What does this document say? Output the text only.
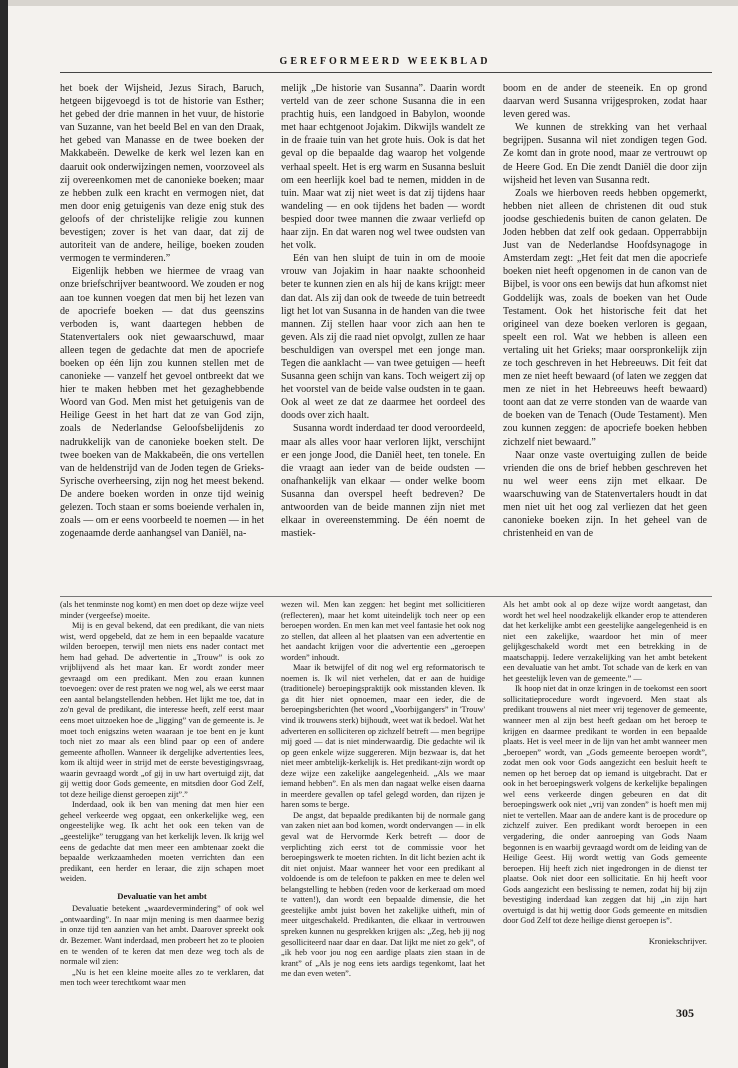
GEREFORMEERD WEEKBLAD

het boek der Wijsheid, Jezus Sirach, Baruch, hetgeen bijgevoegd is tot de historie van Esther; het gebed der drie mannen in het vuur, de historie van Suzanne, van het beeld Bel en van den Draak, het gebed van Manasse en de twee boeken der Makkabeën. Dewelke de kerk wel lezen kan en daaruit ook onderwijzingen nemen, voorzoveel als zij overeenkomen met de canonieke boeken; maar ze hebben zulk een kracht en vermogen niet, dat men door enig getuigenis van deze enig stuk des geloofs of der christelijke religie zou kunnen bevestigen; zover is het van daar, dat zij de autoriteit van de andere, heilige, boeken zouden vermogen te verminderen.”

Eigenlijk hebben we hiermee de vraag van onze briefschrijver beantwoord. We zouden er nog aan toe kunnen voegen dat men bij het lezen van de apocriefe boeken — dat dus geenszins verboden is, want daartegen hebben de Statenvertalers ook niet gewaarschuwd, maar alleen tegen de gedachte dat men de apocriefe boeken op één lijn zou kunnen stellen met de canonieke — vanzelf het gevoel ontbreekt dat we hier te maken hebben met het gezaghebbende Woord van God. Men mist het getuigenis van de Heilige Geest in het hart dat ze van God zijn, zoals de Nederlandse Geloofsbelijdenis zo nadrukkelijk van de canonieke boeken stelt. De twee boeken van de Makkabeën, die ons vertellen van de heldenstrijd van de Joden tegen de Grieks-Syrische overheersing, zijn nog het meest bekend. De andere boeken worden in onze tijd weinig gelezen. Toch staan er soms boeiende verhalen in, zoals — om er eens voorbeeld te noemen — in het zogenaamde derde aanhangsel van Daniël, na-

melijk „De historie van Susanna”. Daarin wordt verteld van de zeer schone Susanna die in een prachtig huis, een landgoed in Babylon, woonde met haar echtgenoot Jojakim. Dikwijls wandelt ze in de fraaie tuin van het grote huis. Ook is dat het geval op die bepaalde dag waarop het volgende verhaal speelt. Het is erg warm en Susanna besluit om een heerlijk koel bad te nemen, midden in de tuin. Maar wat zij niet weet is dat zij tijdens haar wandeling — en ook tijdens het baden — wordt bespied door twee mannen die zwaar verliefd op haar zijn. En dat waren nog wel twee oudsten van het volk.

Eén van hen sluipt de tuin in om de mooie vrouw van Jojakim in haar naakte schoonheid beter te kunnen zien en als hij de kans krijgt: meer dan dat. Als zij dan ook de tweede de tuin betreedt ligt het lot van Susanna in de handen van die twee mannen. Zij stellen haar voor zich aan hen te geven. Als zij die raad niet opvolgt, zullen ze haar beschuldigen van overspel met een jonge man. Tegen die aanklacht — van twee getuigen — heeft Susanna geen schijn van kans. Toch weigert zij op het voorstel van de beide valse oudsten in te gaan. Ook al weet ze dat ze daarmee het oordeel des doods over zich haalt.

Susanna wordt inderdaad ter dood veroordeeld, maar als alles voor haar verloren lijkt, verschijnt er een jonge Jood, die Daniël heet, ten tonele. En die vraagt aan ieder van de beide oudsten — onafhankelijk van elkaar — onder welke boom Susanna dan overspel heeft bedreven? De antwoorden van de beide mannen zijn niet met elkaar in overeenstemming. De één noemt de mastiek-

boom en de ander de steeneik. En op grond daarvan werd Susanna vrijgesproken, zodat haar leven gered was.

We kunnen de strekking van het verhaal begrijpen. Susanna wil niet zondigen tegen God. Ze komt dan in grote nood, maar ze vertrouwt op de Heere God. En Die zendt Daniël die door zijn wijsheid het leven van Susanna redt.

Zoals we hierboven reeds hebben opgemerkt, hebben niet alleen de christenen dit oud stuk joodse geschiedenis buiten de canon gelaten. De Joden hebben dat zelf ook gedaan. Opperrabbijn Just van de Nederlandse Hoofdsynagoge in Amsterdam zegt: „Het feit dat men die apocriefe boeken niet heeft opgenomen in de canon van de Bijbel, is voor ons een bewijs dat hun afkomst niet Goddelijk was, zoals de boeken van het Oude Testament. Ook het historische feit dat het origineel van deze boeken verloren is gegaan, speelt een rol. Wat we hebben is alleen een vertaling uit het Grieks; maar oorspronkelijk zijn ze toch geschreven in het Hebreeuws. Dit feit dat men ze niet heeft bewaard (of laten we zeggen dat men ze niet in het Hebreeuws heeft bewaard) toont aan dat ze verre stonden van de waarde van de boeken van de Tenach (Oude Testament). Men zou kunnen zeggen: de apocriefe boeken hebben zichzelf niet bewaard.”

Naar onze vaste overtuiging zullen de beide vrienden die ons de brief hebben geschreven het nu wel weer eens zijn met elkaar. De waarschuwing van de Statenvertalers houdt in dat men niet uit het oog zal verliezen dat het geen canonieke boeken zijn. In het geheel van de christenheid en van de

(als het tenminste nog komt) en men doet op deze wijze veel minder (vergeefse) moeite.

Mij is en geval bekend, dat een predikant, die van niets wist, werd opgebeld, dat ze hem in een bepaalde vacature wilden beroepen, terwijl men niets ens nader contact met hem had gehad. De advertentie in „Trouw” is ook zo vrijblijvend als het maar kan. Er wordt zonder meer gevraagd om een predikant. Men zou eraan kunnen toevoegen: over de rest praten we nog wel, als we eerst maar een aantal belangstellenden hebben. Het lijkt me toe, dat in zo'n geval de predikant, die interesse heeft, zelf eerst maar eens moet uitzoeken hoe de „ligging” van de gemeente is. Je moet toch enigszins weten waaraan je toe bent en je kunt toch niet zo maar als een blind paar op een of andere gemeente afhollen. Wanneer ik dergelijke advertenties lees, kom ik altijd weer in strijd met de eerste bevestigingsvraag, waarin gevraagd wordt „of gij in uw hart overtuigd zijt, dat gij wettig door Gods gemeente, en mitsdien door God Zelf, tot deze heilige dienst geroepen zijt”.”

Inderdaad, ook ik ben van mening dat men hier een geheel verkeerde weg opgaat, een onkerkelijke weg, een ongeestelijke weg. Ik acht het ook een teken van de „geestelijke” teruggang van het kerkelijk leven. Ik krijg wel eens de gedachte dat men meer een ambtenaar zoekt die bepaalde werkzaamheden moeten verrichten dan een predikant, een herder en leraar, die zijn schapen moet weiden.

Devaluatie van het ambt

Devaluatie betekent „waardevermindering” of ook wel „ontwaarding”. In naar mijn mening is men daarmee bezig in onze tijd ten aanzien van het ambt. Daarover spreekt ook dr. Bezemer. Want inderdaad, men probeert het zo te plooien en te wenden of te keren dat men deze weg toch als de normale wil zien:

„Nu is het een kleine moeite alles zo te verklaren, dat men toch weer terechtkomt waar men

wezen wil. Men kan zeggen: het begint met sollicitieren (reflecteren), maar het komt uiteindelijk toch neer op een beroepen worden. En men kan met veel fantasie het ook nog zo stellen, dat alleen al het plaatsen van een advertentie en het aandacht krijgen voor die advertentie een „geroepen worden” inhoudt.

Maar ik betwijfel of dit nog wel erg reformatorisch te noemen is. Ik wil niet verhelen, dat er aan de huidige (traditionele) beroepingspraktijk ook misstanden kleven. Ik ga dit hier niet opnoemen, maar een ieder, die de beroepingsberichten (het woord „Voorbijgangers” in 'Trouw' vind ik trouwens sterk) bijhoudt, weet wat ik bedoel. Wat het adverteren en solliciteren op zichzelf betreft — men begrijpe mij goed — dat is niet minderwaardig. Die gedachte wil ik op geen enkele wijze suggereren. Mijn bezwaar is, dat het niet meer ambtelijk-kerkelijk is. Het predikant-zijn wordt op deze wijze een zakelijke aangelegenheid. „Als we maar iemand hebben”. En als men dan nagaat welke eisen daarna in meerdere gevallen op tafel gelegd worden, dan rijzen je haren soms te berge.

De angst, dat bepaalde predikanten bij de normale gang van zaken niet aan bod komen, wordt ondervangen — in elk geval wat de Hervormde Kerk betreft — door de verplichting zich eerst tot de commissie voor het beroepingswerk te moeten richten. In dit licht bezien acht ik dit niet onjuist. Maar wanneer het voor een predikant al voldoende is om de telefoon te pakken en mee te delen wel belangstelling te hebben (reden voor de kerkeraad om moed te vatten!), dan wordt een bepaalde dimensie, die het geestelijke ambt juist boven het zakelijke uitheft, min of meer uitgeschakeld. Predikanten, die elkaar in vertrouwen spreken kunnen nu gesprekken krijgen als: „Zeg, heb jij nog gesolliciteerd naar daar en daar. Dat lijkt me niet zo gek”, of „ik heb voor jou nog een aardige plaats zien staan in de krant” of „Als je nog eens iets aardigs tegenkomt, laat het me dan even weten”.

Als het ambt ook al op deze wijze wordt aangetast, dan wordt het wel heel noodzakelijk elkander erop te attenderen dat het kerkelijke ambt een geestelijke aangelegenheid is en niet een zakelijke, waardoor het min of meer gelijkgeschakeld wordt met een betrekking in de maatschappij. Iedere verzakelijking van het ambt betekent een devaluatie van het ambt. Tot schade van de kerk en van het geestelijk leven van de gemeente.” —

Ik hoop niet dat in onze kringen in de toekomst een soort sollicitatieprocedure wordt ingevoerd. Men staat als predikant trouwens al niet meer vrij tegenover de gemeente, wanneer men al zijn best heeft gedaan om het beroep te krijgen en daarmee predikant te worden in een bepaalde plaats. Het is veel meer in de lijn van het ambt wanneer men „beroepen” wordt, van „Gods gemeente beroepen wordt”, zodat men ook voor Gods aangezicht een besluit heeft te nemen op het beroep dat op iemand is uitgebracht. Dat er ook in het beroepingswerk volgens de kerkelijke bepalingen wel eens verkeerde dingen gebeuren en dat dit beroepingswerk ook niet „vrij van zonden” is hoeft men mij niet te vertellen. Maar aan de andere kant is de procedure op zichzelf zuiver. Een predikant wordt beroepen in een vergadering, die onder aanroeping van Gods Naam begonnen is en waarbij gevraagd wordt om de leiding van de Heilige Geest. Hij wordt wettig van Gods gemeente beroepen. Hij heeft zich niet ingedrongen in de dienst ter plaatse. Ook niet door een sollicitatie. En hij heeft voor Gods aangezicht een beslissing te nemen, zodat hij bij zijn bevestiging inderdaad kan zeggen dat hij „in zijn hart overtuigd is dat hij wettig door Gods gemeente en mitsdien door God Zelf tot deze heilige dienst geroepen is”.

Kroniekschrijver.

305
